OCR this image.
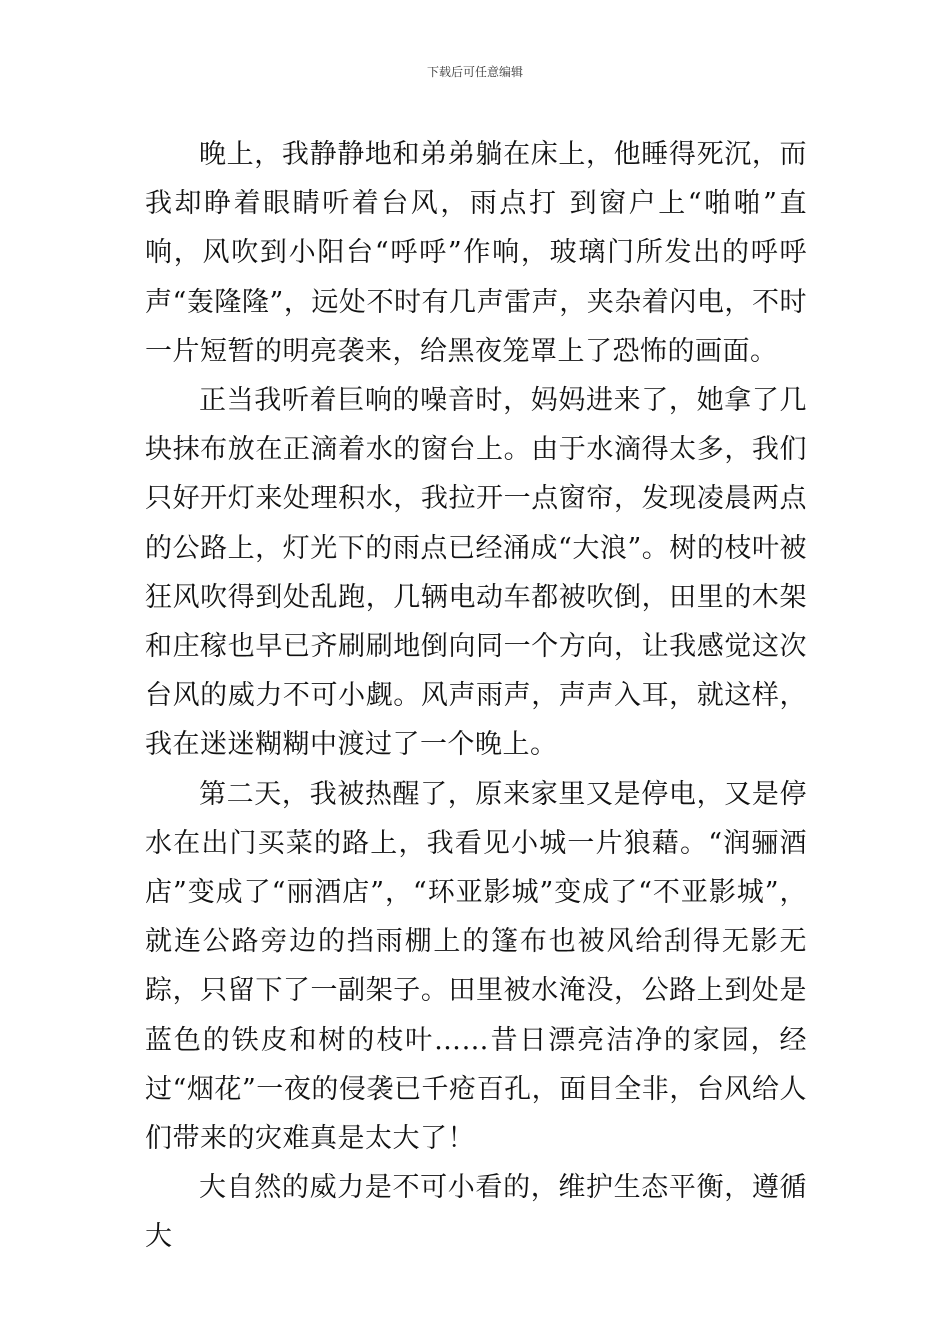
下载后可任意编辑

晚上，我静静地和弟弟躺在床上，他睡得死沉，而我却睁着眼睛听着台风，雨点打 到窗户上“啪啪”直响，风吹到小阳台“呼呼”作响，玻璃门所发出的呼呼声“轰隆隆”，远处不时有几声雷声，夹杂着闪电，不时一片短暂的明亮袭来，给黑夜笼罩上了恐怖的画面。

正当我听着巨响的噪音时，妈妈进来了，她拿了几块抹布放在正滴着水的窗台上。由于水滴得太多，我们只好开灯来处理积水，我拉开一点窗帘，发现凌晨两点的公路上，灯光下的雨点已经涌成“大浪”。树的枝叶被狂风吹得到处乱跑，几辆电动车都被吹倒，田里的木架和庄稼也早已齐刷刷地倒向同一个方向，让我感觉这次台风的威力不可小觑。风声雨声，声声入耳，就这样，我在迷迷糊糊中渡过了一个晚上。

第二天，我被热醒了，原来家里又是停电，又是停水在出门买菜的路上，我看见小城一片狼藉。“润骊酒店”变成了“丽酒店”，“环亚影城”变成了“不亚影城”，就连公路旁边的挡雨棚上的篷布也被风给刮得无影无踪，只留下了一副架子。田里被水淹没，公路上到处是蓝色的铁皮和树的枝叶……昔日漂亮洁净的家园，经过“烟花”一夜的侵袭已千疮百孔，面目全非，台风给人们带来的灾难真是太大了！

大自然的威力是不可小看的，维护生态平衡，遵循大
